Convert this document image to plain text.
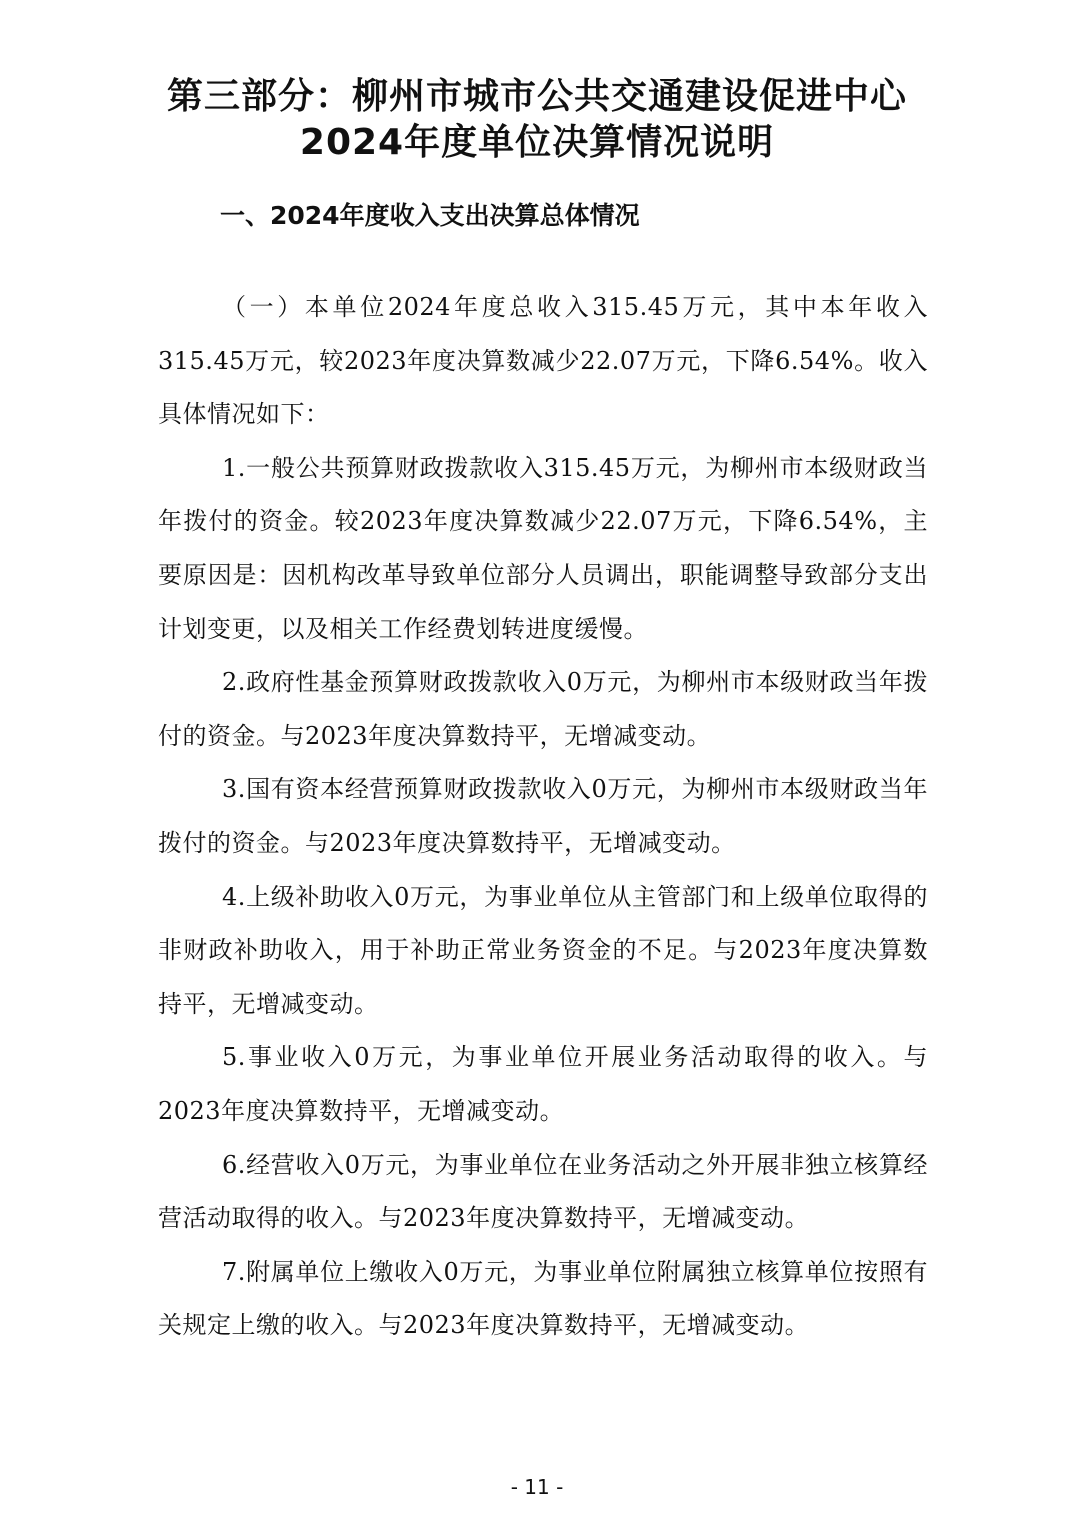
第三部分：柳州市城市公共交通建设促进中心2024年度单位决算情况说明
一、2024年度收入支出决算总体情况

（一）本单位2024年度总收入315.45万元，其中本年收入315.45万元，较2023年度决算数减少22.07万元，下降6.54%。收入具体情况如下：

1.一般公共预算财政拨款收入315.45万元，为柳州市本级财政当年拨付的资金。较2023年度决算数减少22.07万元，下降6.54%，主要原因是：因机构改革导致单位部分人员调出，职能调整导致部分支出计划变更，以及相关工作经费划转进度缓慢。

2.政府性基金预算财政拨款收入0万元，为柳州市本级财政当年拨付的资金。与2023年度决算数持平，无增减变动。

3.国有资本经营预算财政拨款收入0万元，为柳州市本级财政当年拨付的资金。与2023年度决算数持平，无增减变动。

4.上级补助收入0万元，为事业单位从主管部门和上级单位取得的非财政补助收入，用于补助正常业务资金的不足。与2023年度决算数持平，无增减变动。

5.事业收入0万元，为事业单位开展业务活动取得的收入。与2023年度决算数持平，无增减变动。

6.经营收入0万元，为事业单位在业务活动之外开展非独立核算经营活动取得的收入。与2023年度决算数持平，无增减变动。

7.附属单位上缴收入0万元，为事业单位附属独立核算单位按照有关规定上缴的收入。与2023年度决算数持平，无增减变动。

- 11 -
